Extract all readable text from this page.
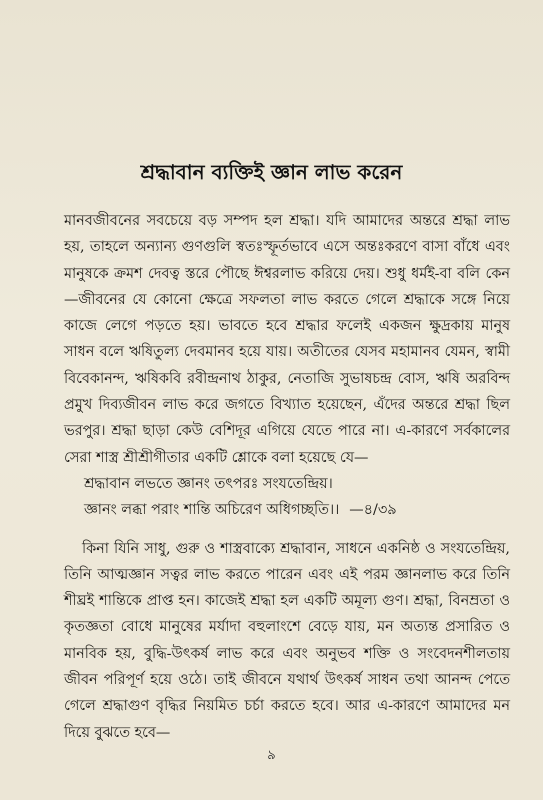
শ্রদ্ধাবান ব্যক্তিই জ্ঞান লাভ করেন

মানবজীবনের সবচেয়ে বড় সম্পদ হল শ্রদ্ধা। যদি আমাদের অন্তরে শ্রদ্ধা লাভ হয়, তাহলে অন্যান্য গুণগুলি স্বতঃস্ফূর্তভাবে এসে অন্তঃকরণে বাসা বাঁধে এবং মানুষকে ক্রমশ দেবত্ব স্তরে পৌছে ঈশ্বরলাভ করিয়ে দেয়। শুধু ধর্মই-বা বলি কেন—জীবনের যে কোনো ক্ষেত্রে সফলতা লাভ করতে গেলে শ্রদ্ধাকে সঙ্গে নিয়ে কাজে লেগে পড়তে হয়। ভাবতে হবে শ্রদ্ধার ফলেই একজন ক্ষুদ্রকায় মানুষ সাধন বলে ঋষিতুল্য দেবমানব হয়ে যায়। অতীতের যেসব মহামানব যেমন, স্বামী বিবেকানন্দ, ঋষিকবি রবীন্দ্রনাথ ঠাকুর, নেতাজি সুভাষচন্দ্র বোস, ঋষি অরবিন্দ প্রমুখ দিব্যজীবন লাভ করে জগতে বিখ্যাত হয়েছেন, এঁদের অন্তরে শ্রদ্ধা ছিল ভরপুর। শ্রদ্ধা ছাড়া কেউ বেশিদূর এগিয়ে যেতে পারে না। এ-কারণে সর্বকালের সেরা শাস্ত্র শ্রীশ্রীগীতার একটি শ্লোকে বলা হয়েছে যে—

শ্রদ্ধাবান লভতে জ্ঞানং তৎপরঃ সংযতেন্দ্রিয়।
জ্ঞানং লব্ধা পরাং শান্তি অচিরেণ অধিগচ্ছতি।। —৪/৩৯

কিনা যিনি সাধু, গুরু ও শাস্ত্রবাক্যে শ্রদ্ধাবান, সাধনে একনিষ্ঠ ও সংযতেন্দ্রিয়, তিনি আত্মজ্ঞান সত্বর লাভ করতে পারেন এবং এই পরম জ্ঞানলাভ করে তিনি শীঘ্রই শান্তিকে প্রাপ্ত হন। কাজেই শ্রদ্ধা হল একটি অমূল্য গুণ। শ্রদ্ধা, বিনম্রতা ও কৃতজ্ঞতা বোধে মানুষের মর্যাদা বহুলাংশে বেড়ে যায়, মন অত্যন্ত প্রসারিত ও মানবিক হয়, বুদ্ধি-উৎকর্ষ লাভ করে এবং অনুভব শক্তি ও সংবেদনশীলতায় জীবন পরিপূর্ণ হয়ে ওঠে। তাই জীবনে যথার্থ উৎকর্ষ সাধন তথা আনন্দ পেতে গেলে শ্রদ্ধাগুণ বৃদ্ধির নিয়মিত চর্চা করতে হবে। আর এ-কারণে আমাদের মন দিয়ে বুঝতে হবে—

৯
